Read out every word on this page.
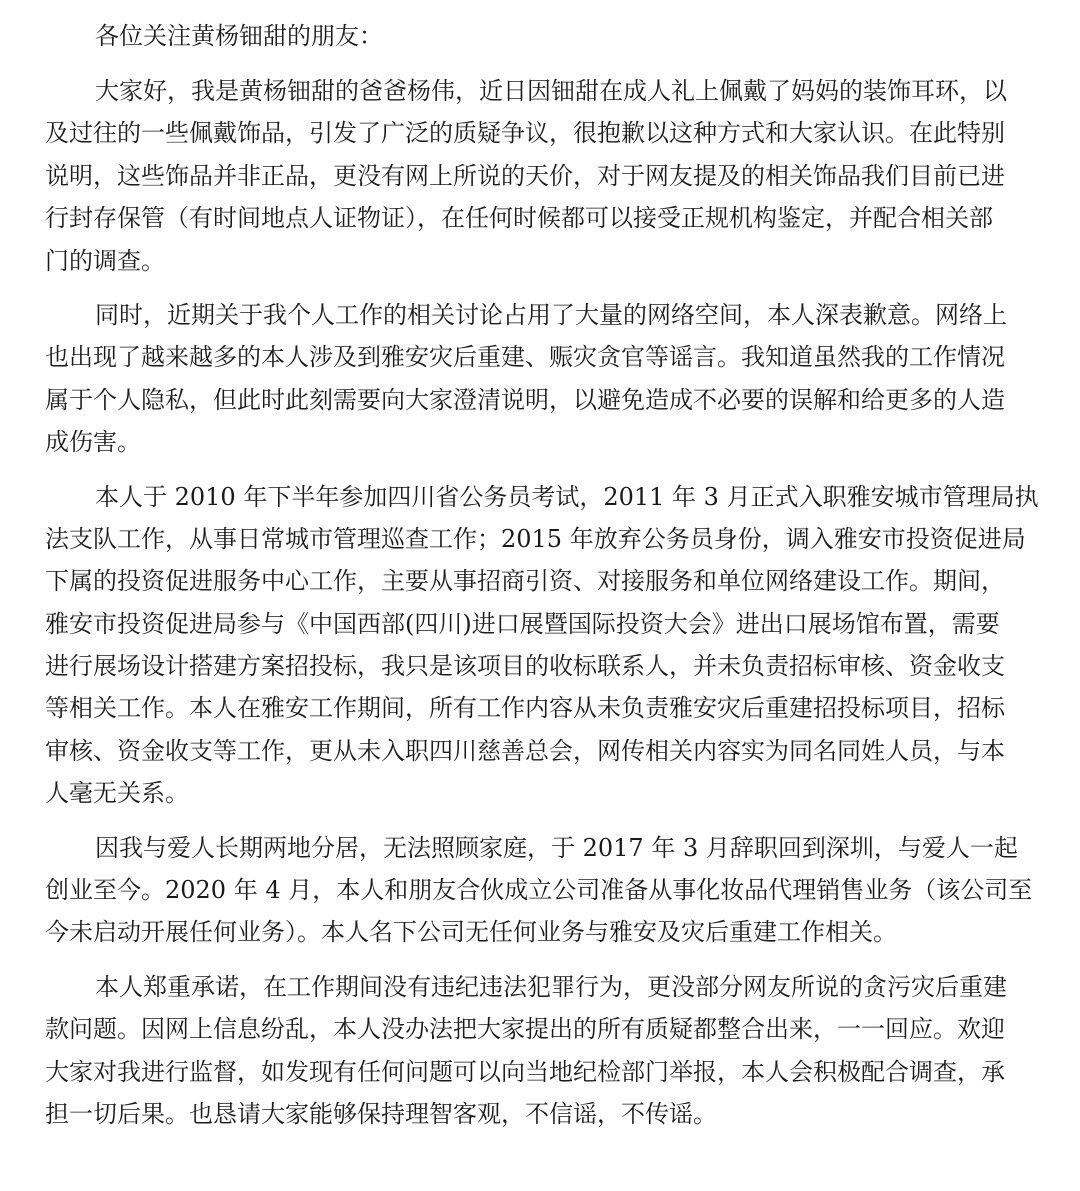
各位关注黄杨钿甜的朋友：

大家好，我是黄杨钿甜的爸爸杨伟，近日因钿甜在成人礼上佩戴了妈妈的装饰耳环，以
及过往的一些佩戴饰品，引发了广泛的质疑争议，很抱歉以这种方式和大家认识。在此特别
说明，这些饰品并非正品，更没有网上所说的天价，对于网友提及的相关饰品我们目前已进
行封存保管（有时间地点人证物证），在任何时候都可以接受正规机构鉴定，并配合相关部
门的调查。
同时，近期关于我个人工作的相关讨论占用了大量的网络空间，本人深表歉意。网络上
也出现了越来越多的本人涉及到雅安灾后重建、赈灾贪官等谣言。我知道虽然我的工作情况
属于个人隐私，但此时此刻需要向大家澄清说明，以避免造成不必要的误解和给更多的人造
成伤害。
本人于 2010 年下半年参加四川省公务员考试，2011 年 3 月正式入职雅安城市管理局执
法支队工作，从事日常城市管理巡查工作；2015 年放弃公务员身份，调入雅安市投资促进局
下属的投资促进服务中心工作，主要从事招商引资、对接服务和单位网络建设工作。期间，
雅安市投资促进局参与《中国西部(四川)进口展暨国际投资大会》进出口展场馆布置，需要
进行展场设计搭建方案招投标，我只是该项目的收标联系人，并未负责招标审核、资金收支
等相关工作。本人在雅安工作期间，所有工作内容从未负责雅安灾后重建招投标项目，招标
审核、资金收支等工作，更从未入职四川慈善总会，网传相关内容实为同名同姓人员，与本
人毫无关系。
因我与爱人长期两地分居，无法照顾家庭，于 2017 年 3 月辞职回到深圳，与爱人一起
创业至今。2020 年 4 月，本人和朋友合伙成立公司准备从事化妆品代理销售业务（该公司至
今未启动开展任何业务）。本人名下公司无任何业务与雅安及灾后重建工作相关。
本人郑重承诺，在工作期间没有违纪违法犯罪行为，更没部分网友所说的贪污灾后重建
款问题。因网上信息纷乱，本人没办法把大家提出的所有质疑都整合出来，一一回应。欢迎
大家对我进行监督，如发现有任何问题可以向当地纪检部门举报，本人会积极配合调查，承
担一切后果。也恳请大家能够保持理智客观，不信谣，不传谣。
